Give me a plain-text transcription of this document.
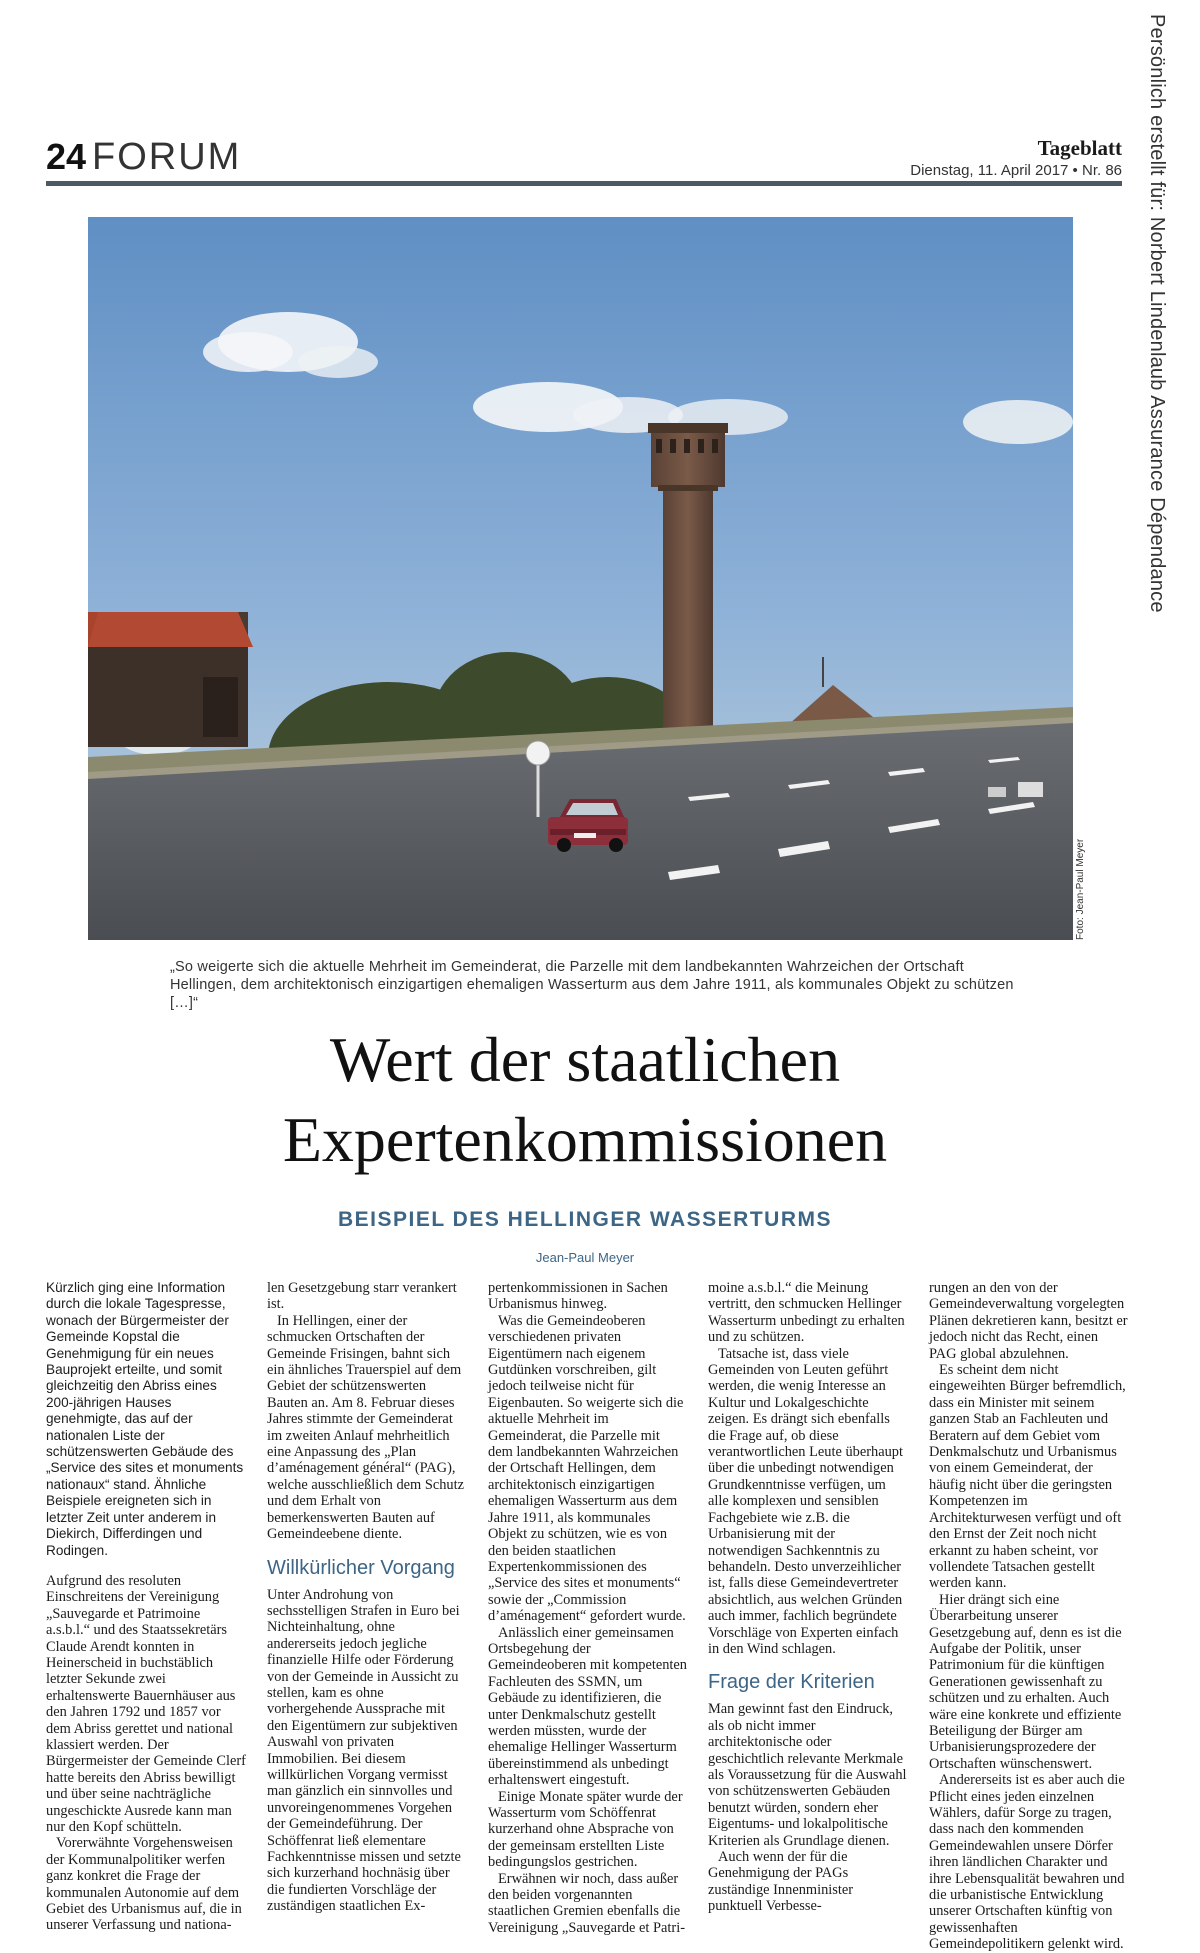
Persönlich erstellt für: Norbert Lindenlaub Assurance Dépendance
24 FORUM	Tageblatt
Dienstag, 11. April 2017 • Nr. 86
Foto: Jean-Paul Meyer
„So weigerte sich die aktuelle Mehrheit im Gemeinderat, die Parzelle mit dem landbekannten Wahrzeichen der Ortschaft Hellingen, dem architektonisch einzigartigen ehemaligen Wasserturm aus dem Jahre 1911, als kommunales Objekt zu schützen […]“
Wert der staatlichen
Expertenkommissionen
BEISPIEL DES HELLINGER WASSERTURMS
Jean-Paul Meyer

Kürzlich ging eine Information durch die lokale Tagespresse, wonach der Bürgermeister der Gemeinde Kopstal die Genehmigung für ein neues Bauprojekt erteilte, und somit gleichzeitig den Abriss eines 200-jährigen Hauses genehmigte, das auf der nationalen Liste der schützenswerten Gebäude des „Service des sites et monuments nationaux“ stand. Ähnliche Beispiele ereigneten sich in letzter Zeit unter anderem in Diekirch, Differdingen und Rodingen.

Aufgrund des resoluten Einschreitens der Vereinigung „Sauvegarde et Patrimoine a.s.b.l.“ und des Staatssekretärs Claude Arendt konnten in Heinerscheid in buchstäblich letzter Sekunde zwei erhaltenswerte Bauernhäuser aus den Jahren 1792 und 1857 vor dem Abriss gerettet und national klassiert werden. Der Bürgermeister der Gemeinde Clerf hatte bereits den Abriss bewilligt und über seine nachträgliche ungeschickte Ausrede kann man nur den Kopf schütteln.

Vorerwähnte Vorgehensweisen der Kommunalpolitiker werfen ganz konkret die Frage der kommunalen Autonomie auf dem Gebiet des Urbanismus auf, die in unserer Verfassung und nationa-

len Gesetzgebung starr verankert ist.

In Hellingen, einer der schmucken Ortschaften der Gemeinde Frisingen, bahnt sich ein ähnliches Trauerspiel auf dem Gebiet der schützenswerten Bauten an. Am 8. Februar dieses Jahres stimmte der Gemeinderat im zweiten Anlauf mehrheitlich eine Anpassung des „Plan d’aménagement général“ (PAG), welche ausschließlich dem Schutz und dem Erhalt von bemerkenswerten Bauten auf Gemeindeebene diente.

Willkürlicher Vorgang

Unter Androhung von sechsstelligen Strafen in Euro bei Nichteinhaltung, ohne andererseits jedoch jegliche finanzielle Hilfe oder Förderung von der Gemeinde in Aussicht zu stellen, kam es ohne vorhergehende Aussprache mit den Eigentümern zur subjektiven Auswahl von privaten Immobilien. Bei diesem willkürlichen Vorgang vermisst man gänzlich ein sinnvolles und unvoreingenommenes Vorgehen der Gemeindeführung. Der Schöffenrat ließ elementare Fachkenntnisse missen und setzte sich kurzerhand hochnäsig über die fundierten Vorschläge der zuständigen staatlichen Ex-

pertenkommissionen in Sachen Urbanismus hinweg.

Was die Gemeindeoberen verschiedenen privaten Eigentümern nach eigenem Gutdünken vorschreiben, gilt jedoch teilweise nicht für Eigenbauten. So weigerte sich die aktuelle Mehrheit im Gemeinderat, die Parzelle mit dem landbekannten Wahrzeichen der Ortschaft Hellingen, dem architektonisch einzigartigen ehemaligen Wasserturm aus dem Jahre 1911, als kommunales Objekt zu schützen, wie es von den beiden staatlichen Expertenkommissionen des „Service des sites et monuments“ sowie der „Commission d’aménagement“ gefordert wurde.

Anlässlich einer gemeinsamen Ortsbegehung der Gemeindeoberen mit kompetenten Fachleuten des SSMN, um Gebäude zu identifizieren, die unter Denkmalschutz gestellt werden müssten, wurde der ehemalige Hellinger Wasserturm übereinstimmend als unbedingt erhaltenswert eingestuft.

Einige Monate später wurde der Wasserturm vom Schöffenrat kurzerhand ohne Absprache von der gemeinsam erstellten Liste bedingungslos gestrichen.

Erwähnen wir noch, dass außer den beiden vorgenannten staatlichen Gremien ebenfalls die Vereinigung „Sauvegarde et Patri-

moine a.s.b.l.“ die Meinung vertritt, den schmucken Hellinger Wasserturm unbedingt zu erhalten und zu schützen.

Tatsache ist, dass viele Gemeinden von Leuten geführt werden, die wenig Interesse an Kultur und Lokalgeschichte zeigen. Es drängt sich ebenfalls die Frage auf, ob diese verantwortlichen Leute überhaupt über die unbedingt notwendigen Grundkenntnisse verfügen, um alle komplexen und sensiblen Fachgebiete wie z.B. die Urbanisierung mit der notwendigen Sachkenntnis zu behandeln. Desto unverzeihlicher ist, falls diese Gemeindevertreter absichtlich, aus welchen Gründen auch immer, fachlich begründete Vorschläge von Experten einfach in den Wind schlagen.

Frage der Kriterien

Man gewinnt fast den Eindruck, als ob nicht immer architektonische oder geschichtlich relevante Merkmale als Voraussetzung für die Auswahl von schützenswerten Gebäuden benutzt würden, sondern eher Eigentums- und lokalpolitische Kriterien als Grundlage dienen.

Auch wenn der für die Genehmigung der PAGs zuständige Innenminister punktuell Verbesse-

rungen an den von der Gemeindeverwaltung vorgelegten Plänen dekretieren kann, besitzt er jedoch nicht das Recht, einen PAG global abzulehnen.

Es scheint dem nicht eingeweihten Bürger befremdlich, dass ein Minister mit seinem ganzen Stab an Fachleuten und Beratern auf dem Gebiet vom Denkmalschutz und Urbanismus von einem Gemeinderat, der häufig nicht über die geringsten Kompetenzen im Architekturwesen verfügt und oft den Ernst der Zeit noch nicht erkannt zu haben scheint, vor vollendete Tatsachen gestellt werden kann.

Hier drängt sich eine Überarbeitung unserer Gesetzgebung auf, denn es ist die Aufgabe der Politik, unser Patrimonium für die künftigen Generationen gewissenhaft zu schützen und zu erhalten. Auch wäre eine konkrete und effiziente Beteiligung der Bürger am Urbanisierungsprozedere der Ortschaften wünschenswert.

Andererseits ist es aber auch die Pflicht eines jeden einzelnen Wählers, dafür Sorge zu tragen, dass nach den kommenden Gemeindewahlen unsere Dörfer ihren ländlichen Charakter und ihre Lebensqualität bewahren und die urbanistische Entwicklung unserer Ortschaften künftig von gewissenhaften Gemeindepolitikern gelenkt wird.
